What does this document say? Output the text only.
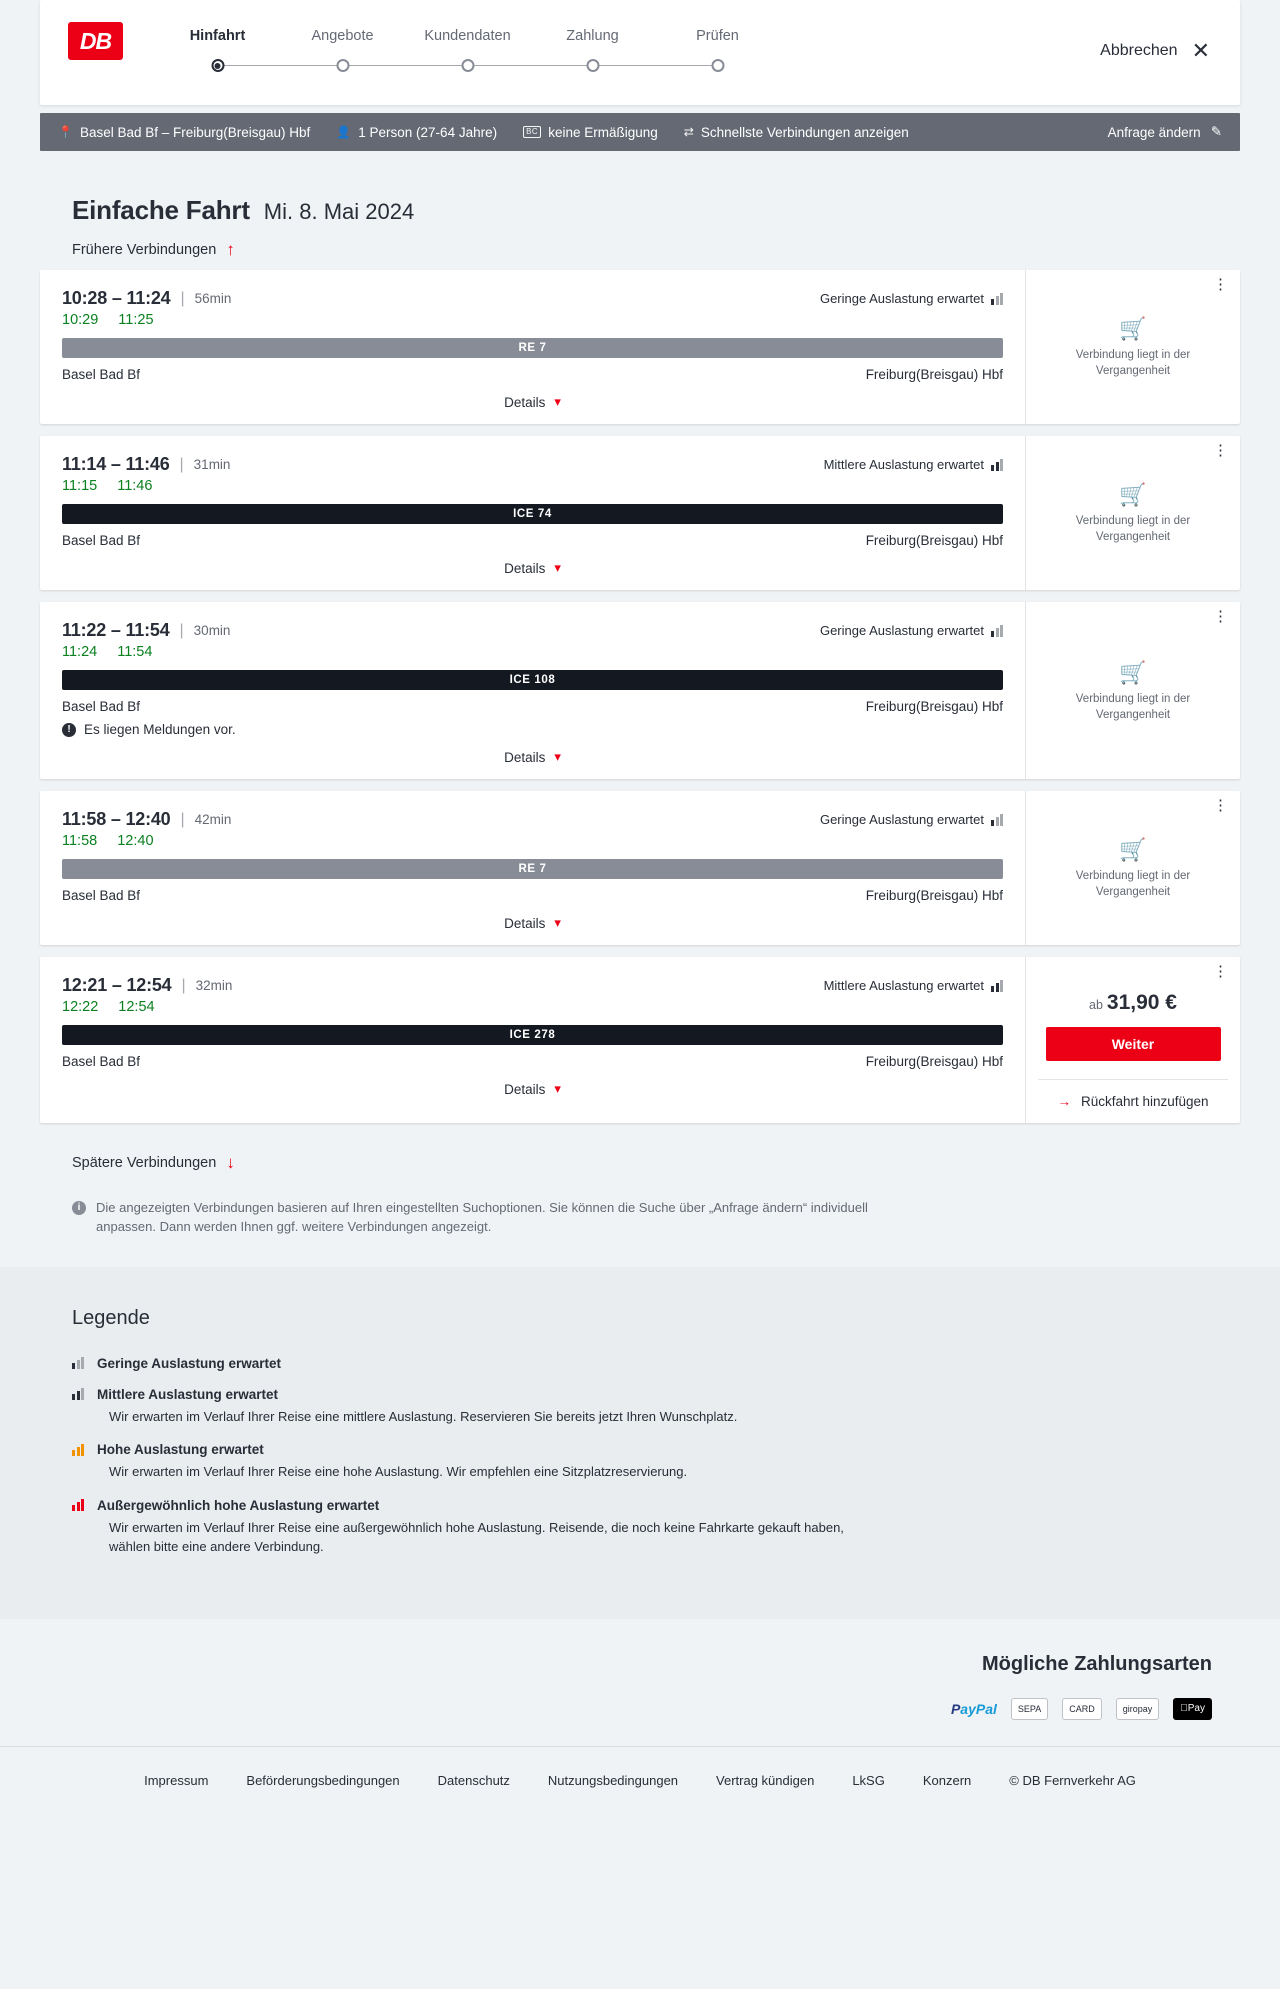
DB	Hinfahrt	Angebote	Kundendaten	Zahlung	Prüfen
Abbrechen ✕
📍 Basel Bad Bf – Freiburg(Breisgau) Hbf 👤 1 Person (27-64 Jahre)	BC keine Ermäßigung ⇄ Schnellste Verbindungen anzeigen	Anfrage ändern ✎
Einfache Fahrt Mi. 8. Mai 2024
Frühere Verbindungen ↑
10:28 – 11:24 | 56min	Geringe Auslastung erwartet
10:29 11:25
RE 7
Basel Bad Bf	Freiburg(Breisgau) Hbf
Details ▾
⋮
🛒
Verbindung liegt in der Vergangenheit
11:14 – 11:46 | 31min	Mittlere Auslastung erwartet
11:15 11:46
ICE 74
Basel Bad Bf	Freiburg(Breisgau) Hbf
Details ▾
⋮
🛒
Verbindung liegt in der Vergangenheit
11:22 – 11:54 | 30min	Geringe Auslastung erwartet
11:24 11:54
ICE 108
Basel Bad Bf	Freiburg(Breisgau) Hbf
! Es liegen Meldungen vor.
Details ▾
⋮
🛒
Verbindung liegt in der Vergangenheit
11:58 – 12:40 | 42min	Geringe Auslastung erwartet
11:58 12:40
RE 7
Basel Bad Bf	Freiburg(Breisgau) Hbf
Details ▾
⋮
🛒
Verbindung liegt in der Vergangenheit
12:21 – 12:54 | 32min	Mittlere Auslastung erwartet
12:22 12:54
ICE 278
Basel Bad Bf	Freiburg(Breisgau) Hbf
Details ▾
⋮
ab 31,90 €
Weiter
→ Rückfahrt hinzufügen
Spätere Verbindungen ↓
i	Die angezeigten Verbindungen basieren auf Ihren eingestellten Suchoptionen. Sie können die Suche über „Anfrage ändern“ individuell anpassen. Dann werden Ihnen ggf. weitere Verbindungen angezeigt.
Legende
Geringe Auslastung erwartet
Mittlere Auslastung erwartet
Wir erwarten im Verlauf Ihrer Reise eine mittlere Auslastung. Reservieren Sie bereits jetzt Ihren Wunschplatz.
Hohe Auslastung erwartet
Wir erwarten im Verlauf Ihrer Reise eine hohe Auslastung. Wir empfehlen eine Sitzplatzreservierung.
Außergewöhnlich hohe Auslastung erwartet
Wir erwarten im Verlauf Ihrer Reise eine außergewöhnlich hohe Auslastung. Reisende, die noch keine Fahrkarte gekauft haben, wählen bitte eine andere Verbindung.
Mögliche Zahlungsarten
P ayPal	SEPA	CARD	giropay	Pay
Impressum	Beförderungsbedingungen	Datenschutz	Nutzungsbedingungen	Vertrag kündigen	LkSG	Konzern	© DB Fernverkehr AG
